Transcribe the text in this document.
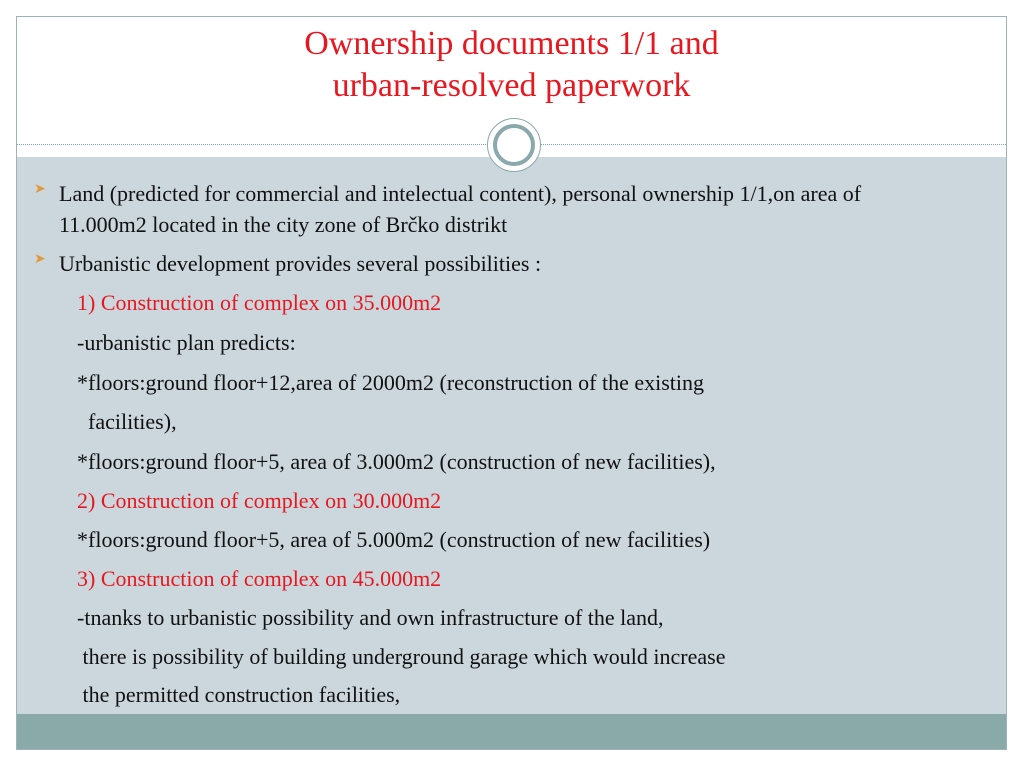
Ownership documents 1/1 and
urban-resolved paperwork
➤ Land (predicted for commercial and intelectual content), personal ownership 1/1,on area of 11.000m2 located in the city zone of Brčko distrikt
➤ Urbanistic development provides several possibilities :
1) Construction of complex on 35.000m2
-urbanistic plan predicts:
*floors:ground floor+12,area of 2000m2 (reconstruction of the existing
facilities),
*floors:ground floor+5, area of 3.000m2 (construction of new facilities),
2) Construction of complex on 30.000m2
*floors:ground floor+5, area of 5.000m2 (construction of new facilities)
3) Construction of complex on 45.000m2
-tnanks to urbanistic possibility and own infrastructure of the land,
there is possibility of building underground garage which would increase
the permitted construction facilities,
